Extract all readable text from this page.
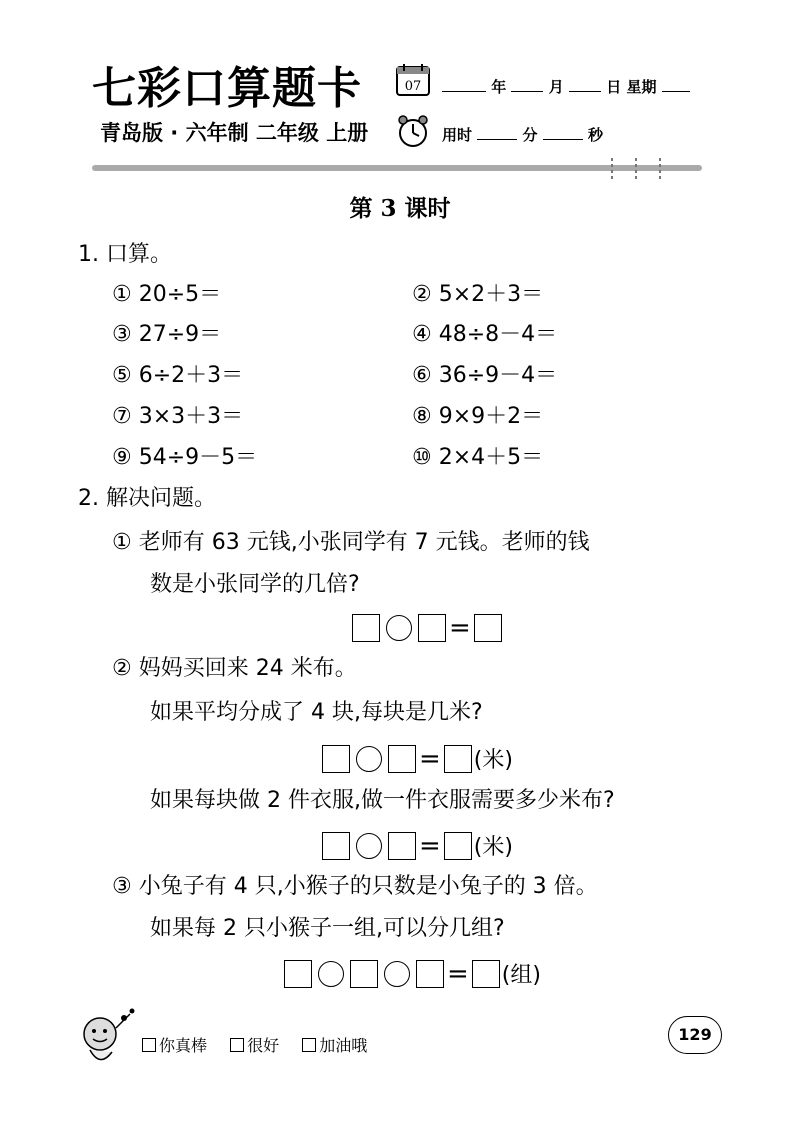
七彩口算题卡
青岛版 · 六年制 二年级 上册
07	年	月	日 星期
用时	分	秒
第 3 课时
1. 口算。
① 20÷5＝	② 5×2＋3＝
③ 27÷9＝	④ 48÷8－4＝
⑤ 6÷2＋3＝	⑥ 36÷9－4＝
⑦ 3×3＋3＝	⑧ 9×9＋2＝
⑨ 54÷9－5＝	⑩ 2×4＋5＝
2. 解决问题。
① 老师有 63 元钱,小张同学有 7 元钱。老师的钱
数是小张同学的几倍?
=
② 妈妈买回来 24 米布。
如果平均分成了 4 块,每块是几米?
= (米)
如果每块做 2 件衣服,做一件衣服需要多少米布?
= (米)
③ 小兔子有 4 只,小猴子的只数是小兔子的 3 倍。
如果每 2 只小猴子一组,可以分几组?
= (组)
你真棒	很好	加油哦
129
